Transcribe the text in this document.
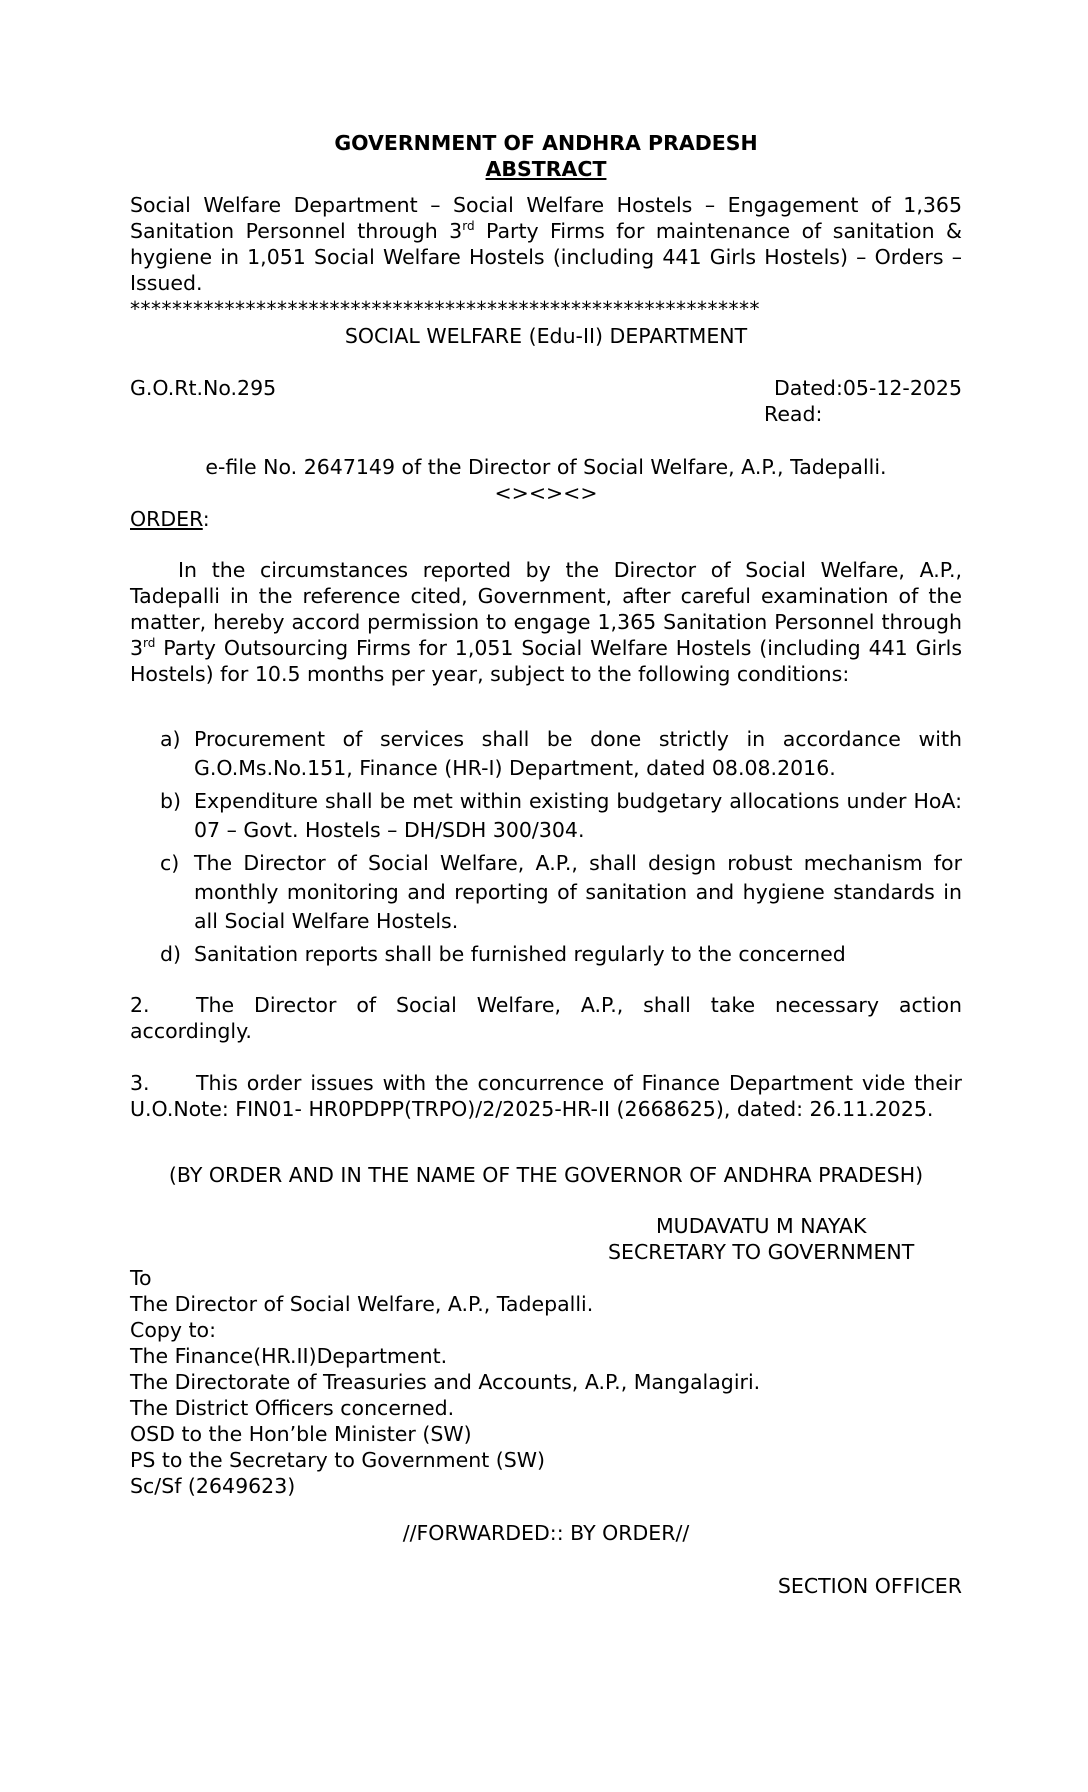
GOVERNMENT OF ANDHRA PRADESH
ABSTRACT
Social Welfare Department – Social Welfare Hostels – Engagement of 1,365 Sanitation Personnel through 3rd Party Firms for maintenance of sanitation & hygiene in 1,051 Social Welfare Hostels (including 441 Girls Hostels) – Orders – Issued.
************************************************************
SOCIAL WELFARE (Edu-II) DEPARTMENT
G.O.Rt.No.295	Dated:05-12-2025
Read:
e-file No. 2647149 of the Director of Social Welfare, A.P., Tadepalli.
<><><>
ORDER:
In the circumstances reported by the Director of Social Welfare, A.P., Tadepalli in the reference cited, Government, after careful examination of the matter, hereby accord permission to engage 1,365 Sanitation Personnel through 3rd Party Outsourcing Firms for 1,051 Social Welfare Hostels (including 441 Girls Hostels) for 10.5 months per year, subject to the following conditions:
a) Procurement of services shall be done strictly in accordance with G.O.Ms.No.151, Finance (HR-I) Department, dated 08.08.2016.
b) Expenditure shall be met within existing budgetary allocations under HoA: 07 – Govt. Hostels – DH/SDH 300/304.
c) The Director of Social Welfare, A.P., shall design robust mechanism for monthly monitoring and reporting of sanitation and hygiene standards in all Social Welfare Hostels.
d) Sanitation reports shall be furnished regularly to the concerned
2. The Director of Social Welfare, A.P., shall take necessary action accordingly.
3. This order issues with the concurrence of Finance Department vide their U.O.Note: FIN01- HR0PDPP(TRPO)/2/2025-HR-II (2668625), dated: 26.11.2025.
(BY ORDER AND IN THE NAME OF THE GOVERNOR OF ANDHRA PRADESH)
MUDAVATU M NAYAK
SECRETARY TO GOVERNMENT
To
The Director of Social Welfare, A.P., Tadepalli.
Copy to:
The Finance(HR.II)Department.
The Directorate of Treasuries and Accounts, A.P., Mangalagiri.
The District Officers concerned.
OSD to the Hon’ble Minister (SW)
PS to the Secretary to Government (SW)
Sc/Sf (2649623)
//FORWARDED:: BY ORDER//
SECTION OFFICER
